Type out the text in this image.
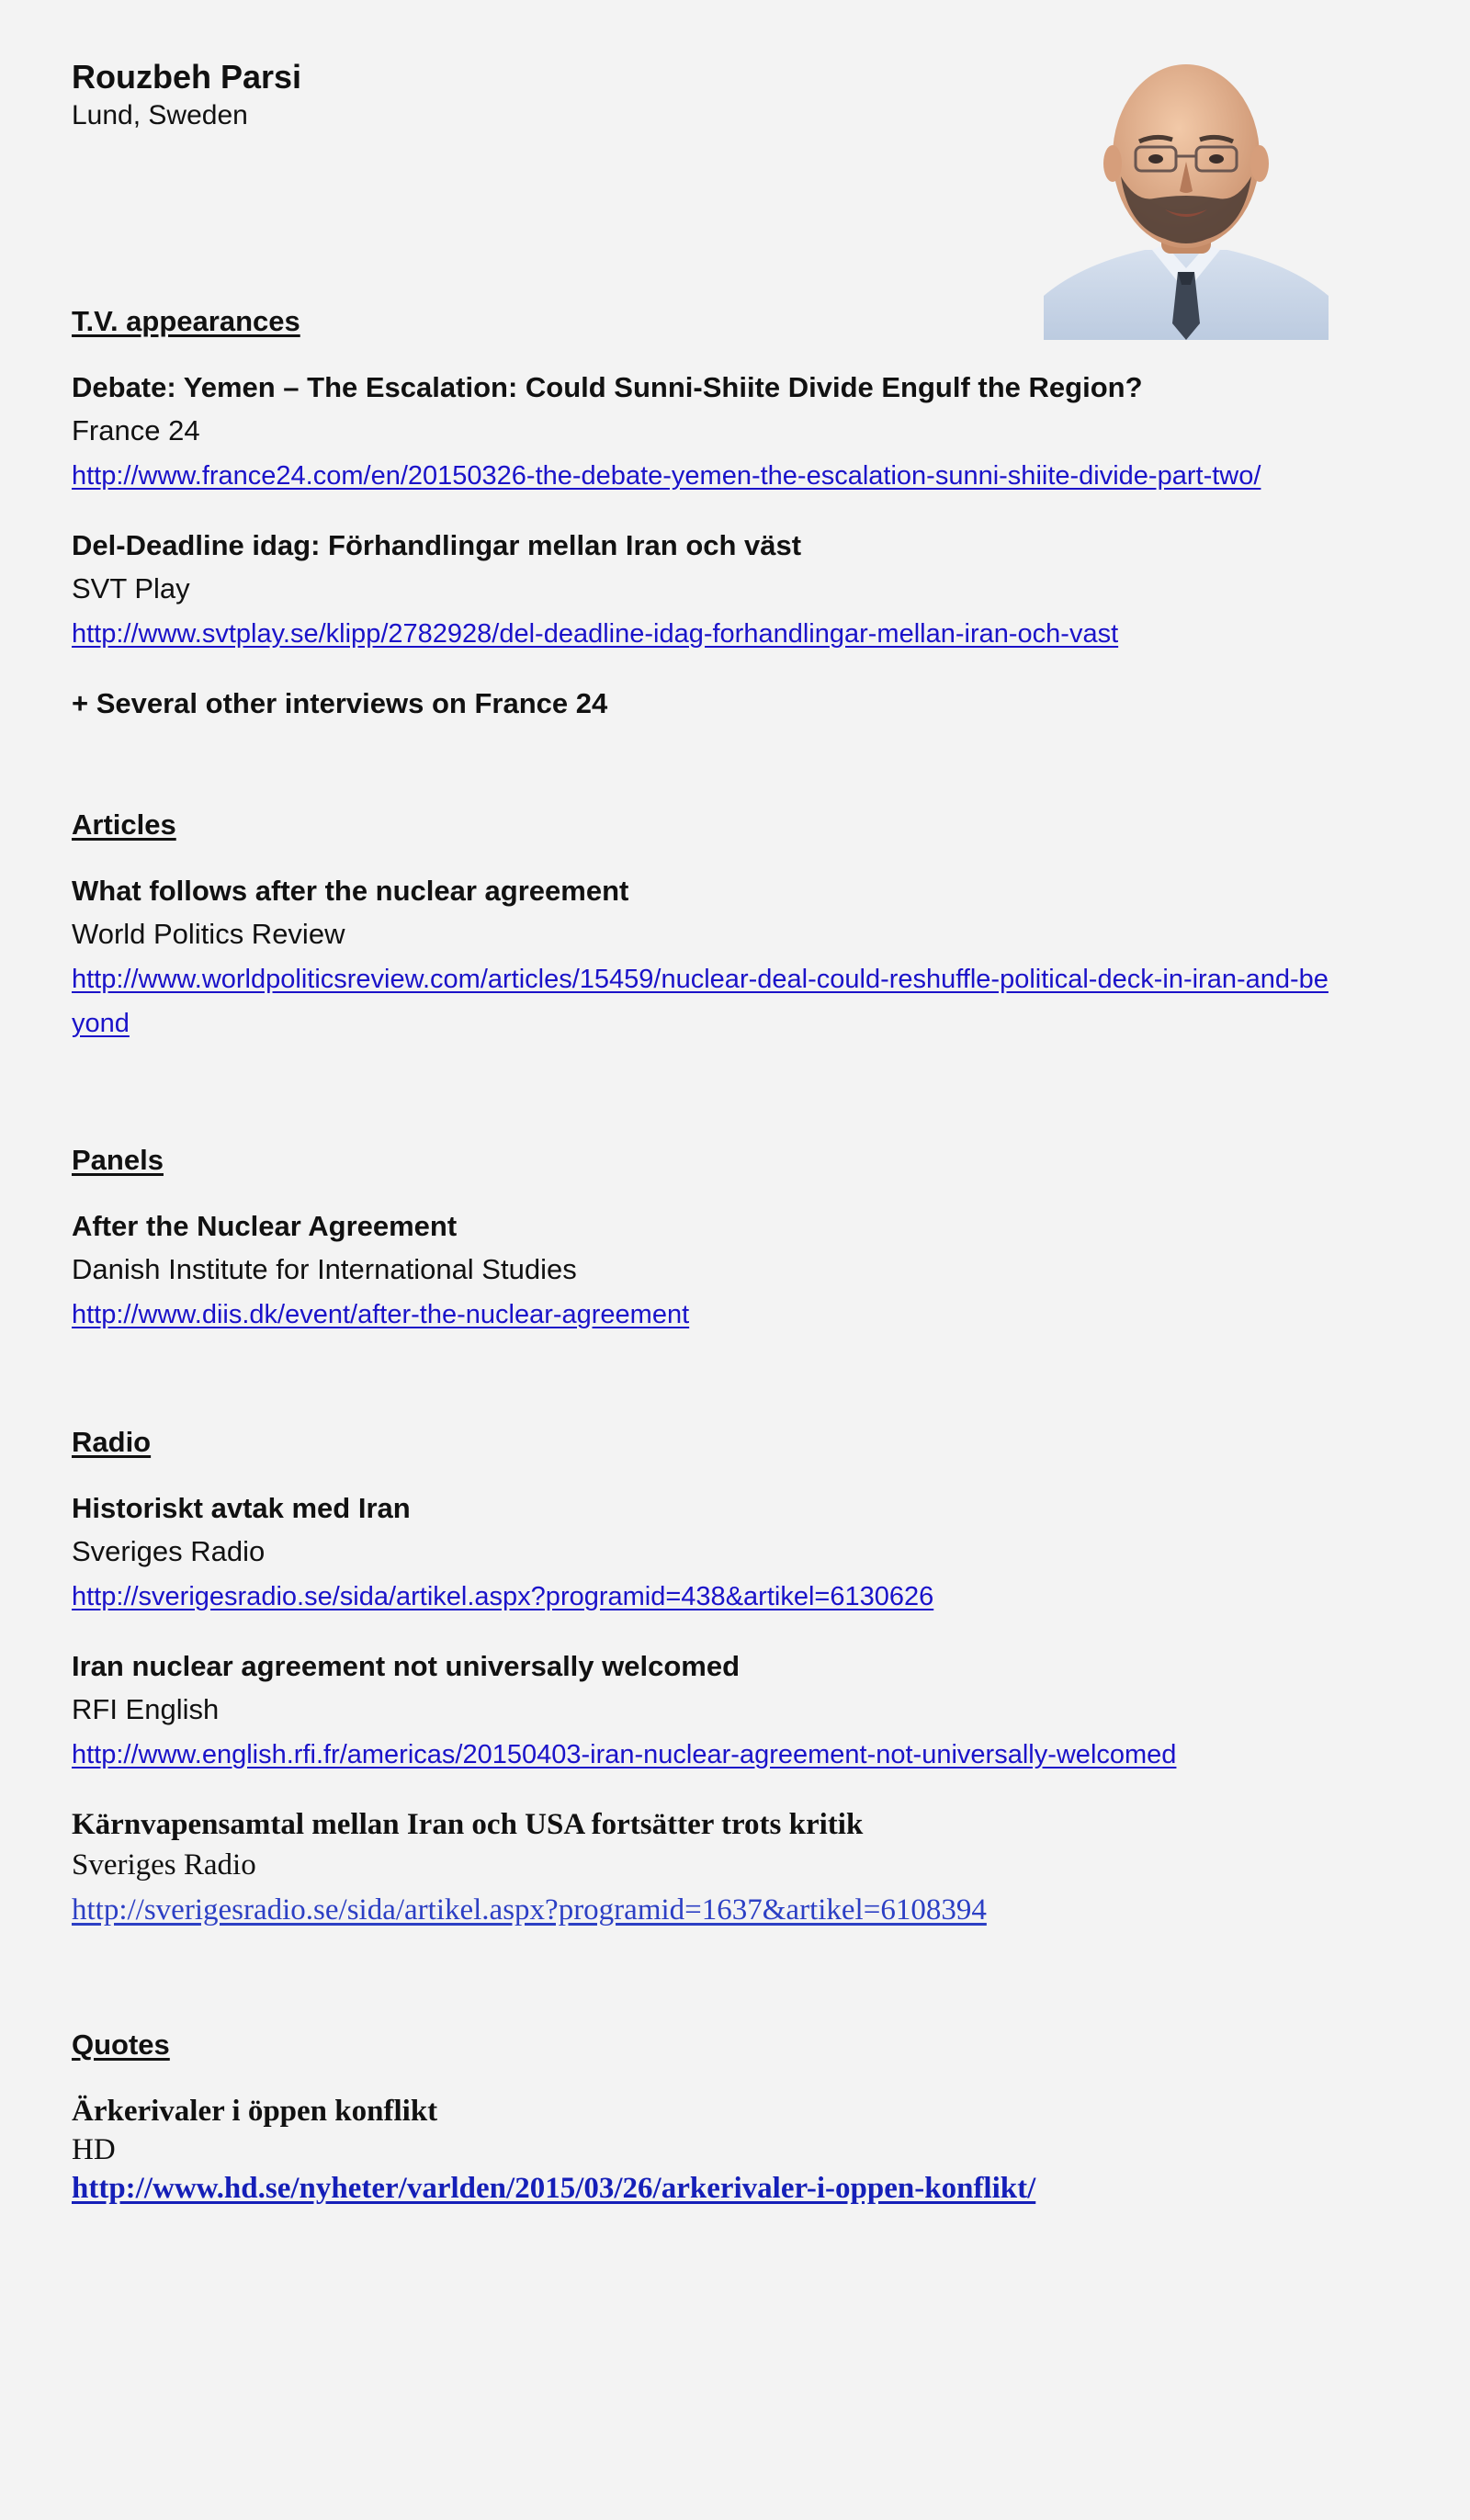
Rouzbeh Parsi
Lund, Sweden
T.V. appearances
Debate: Yemen – The Escalation: Could Sunni-Shiite Divide Engulf the Region?
France 24
http://www.france24.com/en/20150326-the-debate-yemen-the-escalation-sunni-shiite-divide-part-two/
Del-Deadline idag: Förhandlingar mellan Iran och väst
SVT Play
http://www.svtplay.se/klipp/2782928/del-deadline-idag-forhandlingar-mellan-iran-och-vast
+ Several other interviews on France 24
Articles
What follows after the nuclear agreement
World Politics Review
http://www.worldpoliticsreview.com/articles/15459/nuclear-deal-could-reshuffle-political-deck-in-iran-and-beyond
Panels
After the Nuclear Agreement
Danish Institute for International Studies
http://www.diis.dk/event/after-the-nuclear-agreement
Radio
Historiskt avtak med Iran
Sveriges Radio
http://sverigesradio.se/sida/artikel.aspx?programid=438&artikel=6130626
Iran nuclear agreement not universally welcomed
RFI English
http://www.english.rfi.fr/americas/20150403-iran-nuclear-agreement-not-universally-welcomed
Kärnvapensamtal mellan Iran och USA fortsätter trots kritik
Sveriges Radio
http://sverigesradio.se/sida/artikel.aspx?programid=1637&artikel=6108394
Quotes
Ärkerivaler i öppen konflikt
HD
http://www.hd.se/nyheter/varlden/2015/03/26/arkerivaler-i-oppen-konflikt/
